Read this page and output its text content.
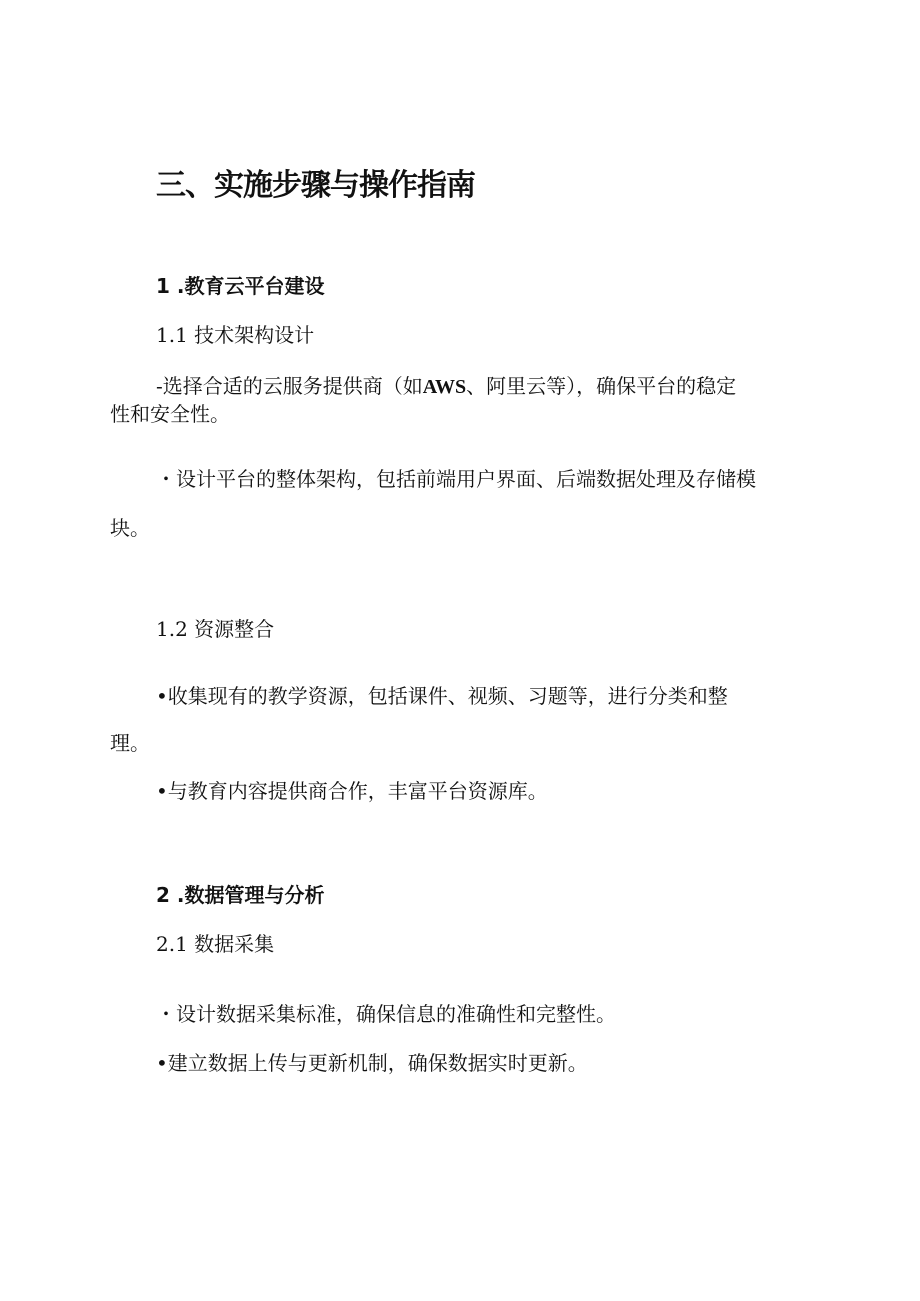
三、实施步骤与操作指南
1 .教育云平台建设
1.1 技术架构设计
-选择合适的云服务提供商（如AWS、阿里云等），确保平台的稳定
性和安全性。
・设计平台的整体架构，包括前端用户界面、后端数据处理及存储模
块。
1.2 资源整合
•收集现有的教学资源，包括课件、视频、习题等，进行分类和整
理。
•与教育内容提供商合作，丰富平台资源库。
2 .数据管理与分析
2.1 数据采集
・设计数据采集标准，确保信息的准确性和完整性。
•建立数据上传与更新机制，确保数据实时更新。
